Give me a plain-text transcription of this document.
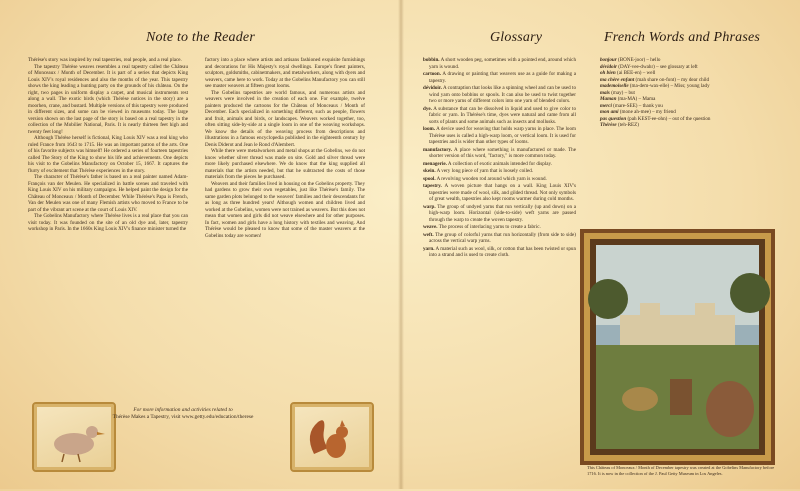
Note to the Reader	Glossary	French Words and Phrases

Thérèse's story was inspired by real tapestries, real people, and a real place.

The tapestry Thérèse weaves resembles a real tapestry called the Château of Monceaux / Month of December. It is part of a series that depicts King Louis XIV's royal residences and also the months of the year. This tapestry shows the king leading a hunting party on the grounds of his château. On the right, two pages in uniform display a carpet, and musical instruments rest along a wall. The exotic birds (which Thérèse notices in the story) are a moorhen, crane, and bustard. Multiple versions of this tapestry were produced in different sizes, and some can be viewed in museums today. The large version shown on the last page of the story is based on a real tapestry in the collection of the Mobilier National, Paris. It is nearly thirteen feet high and twenty feet long!

Although Thérèse herself is fictional, King Louis XIV was a real king who ruled France from 1643 to 1715. He was an important patron of the arts. One of his favorite subjects was himself! He ordered a series of fourteen tapestries called The Story of the King to show his life and achievements. One depicts his visit to the Gobelins Manufactory on October 15, 1667. It captures the flurry of excitement that Thérèse experiences in the story.

The character of Thérèse's father is based on a real painter named Adam-François van der Meulen. He specialized in battle scenes and traveled with King Louis XIV on his military campaigns. He helped paint the design for the Château of Monceaux / Month of December. While Thérèse's Papa is French, Van der Meulen was one of many Flemish artists who moved to France to be part of the vibrant art scene at the court of Louis XIV.

The Gobelins Manufactory where Thérèse lives is a real place that you can visit today. It was founded on the site of an old dye and, later, tapestry workshop in Paris. In the 1660s King Louis XIV's finance minister turned the

factory into a place where artists and artisans fashioned exquisite furnishings and decorations for His Majesty's royal dwellings. Europe's finest painters, sculptors, goldsmiths, cabinetmakers, and metalworkers, along with dyers and weavers, came here to work. Today at the Gobelins Manufactory you can still see master weavers at fifteen great looms.

The Gobelins tapestries are world famous, and numerous artists and weavers were involved in the creation of each one. For example, twelve painters produced the cartoons for the Château of Monceaux / Month of December. Each specialized in something different, such as people, flowers and fruit, animals and birds, or landscapes. Weavers worked together, too, often sitting side-by-side at a single loom in one of the weaving workshops. We know the details of the weaving process from descriptions and illustrations in a famous encyclopedia published in the eighteenth century by Denis Diderot and Jean le Rond d'Alembert.

While there were metalworkers and metal shops at the Gobelins, we do not know whether silver thread was made on site. Gold and silver thread were more likely purchased elsewhere. We do know that the king supplied all materials that the artists needed, but that he subtracted the costs of those materials from the pieces he purchased.

Weavers and their families lived in housing on the Gobelins property. They had gardens to grow their own vegetables, just like Thérèse's family. The same garden plots belonged to the weavers' families and their descendants for as long as three hundred years! Although women and children lived and worked at the Gobelins, women were not trained as weavers. But this does not mean that women and girls did not weave elsewhere and for other purposes. In fact, women and girls have a long history with textiles and weaving. And Thérèse would be pleased to know that some of the master weavers at the Gobelins today are women!

For more information and activities related to
Thérèse Makes a Tapestry, visit www.getty.edu/education/therese

bobbin. A short wooden peg, sometimes with a pointed end, around which yarn is wound.

cartoon. A drawing or painting that weavers use as a guide for making a tapestry.

dévidoir. A contraption that looks like a spinning wheel and can be used to wind yarn onto bobbins or spools. It can also be used to twist together two or more yarns of different colors into one yarn of blended colors.

dye. A substance that can be dissolved in liquid and used to give color to fabric or yarn. In Thérèse's time, dyes were natural and came from all sorts of plants and some animals such as insects and mollusks.

loom. A device used for weaving that holds warp yarns in place. The loom Thérèse uses is called a high-warp loom, or vertical loom. It is used for tapestries and is wider than other types of looms.

manufactory. A place where something is manufactured or made. The shorter version of this word, "factory," is more common today.

menagerie. A collection of exotic animals intended for display.

skein. A very long piece of yarn that is loosely coiled.

spool. A revolving wooden rod around which yarn is wound.

tapestry. A woven picture that hangs on a wall. King Louis XIV's tapestries were made of wool, silk, and gilded thread. Not only symbols of great wealth, tapestries also kept rooms warmer during cold months.

warp. The group of undyed yarns that run vertically (up and down) on a high-warp loom. Horizontal (side-to-side) weft yarns are passed through the warp to create the woven tapestry.

weave. The process of interlacing yarns to create a fabric.

weft. The group of colorful yarns that run horizontally (from side to side) across the vertical warp yarns.

yarn. A material such as wool, silk, or cotton that has been twisted or spun into a strand and is used to create cloth.

bonjour (BONE-joor) – hello

dévidoir (DAY-vee-dwahr) – see glossary at left

oh bien (ai BEE-en) – well

ma chère enfant (mah share on-font) – my dear child

mademoiselle (ma-dem-wax-elle) – Miss; young lady

mais (may) – but

Maman (ma-MA) – Mama

merci (mare-SEE) – thank you

mon ami (mone ah-mee) – my friend

pas question (pah KEST-ee-ohn) – out of the question

Thérèse (teh-REZ)

This Château of Monceaux / Month of December tapestry was created at the Gobelins Manufactory before 1716. It is now in the collection of the J. Paul Getty Museum in Los Angeles.
